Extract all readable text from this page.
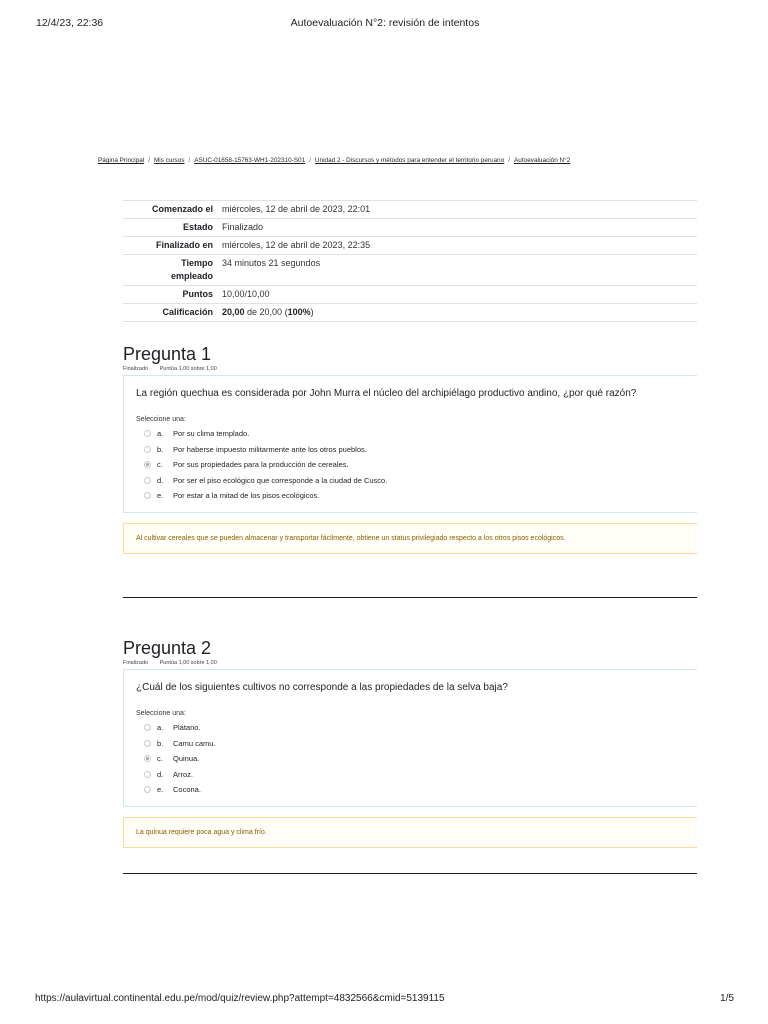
12/4/23, 22:36	Autoevaluación N°2: revisión de intentos
Página Principal / Mis cursos / ASUC-01658-15763-WH1-202310-S01 / Unidad 2 - Discursos y métodos para entender el territorio peruano / Autoevaluación N°2
Comenzado el	miércoles, 12 de abril de 2023, 22:01
Estado	Finalizado
Finalizado en	miércoles, 12 de abril de 2023, 22:35
Tiempo
empleado	34 minutos 21 segundos
Puntos	10,00/10,00
Calificación	20,00 de 20,00 (100%)
Pregunta 1
Finalizado Puntúa 1,00 sobre 1,00
La región quechua es considerada por John Murra el núcleo del archipiélago productivo andino, ¿por qué razón?
Seleccione una:
a.	Por su clima templado.
b.	Por haberse impuesto militarmente ante los otros pueblos.
c.	Por sus propiedades para la producción de cereales.
d.	Por ser el piso ecológico que corresponde a la ciudad de Cusco.
e.	Por estar a la mitad de los pisos ecológicos.
Al cultivar cereales que se pueden almacenar y transportar fácilmente, obtiene un status privilegiado respecto a los otros pisos ecológicos.
Pregunta 2
Finalizado Puntúa 1,00 sobre 1,00
¿Cuál de los siguientes cultivos no corresponde a las propiedades de la selva baja?
Seleccione una:
a.	Plátano.
b.	Camu camu.
c.	Quinua.
d.	Arroz.
e.	Cocona.
La quinua requiere poca agua y clima frío.
https://aulavirtual.continental.edu.pe/mod/quiz/review.php?attempt=4832566&cmid=5139115	1/5
